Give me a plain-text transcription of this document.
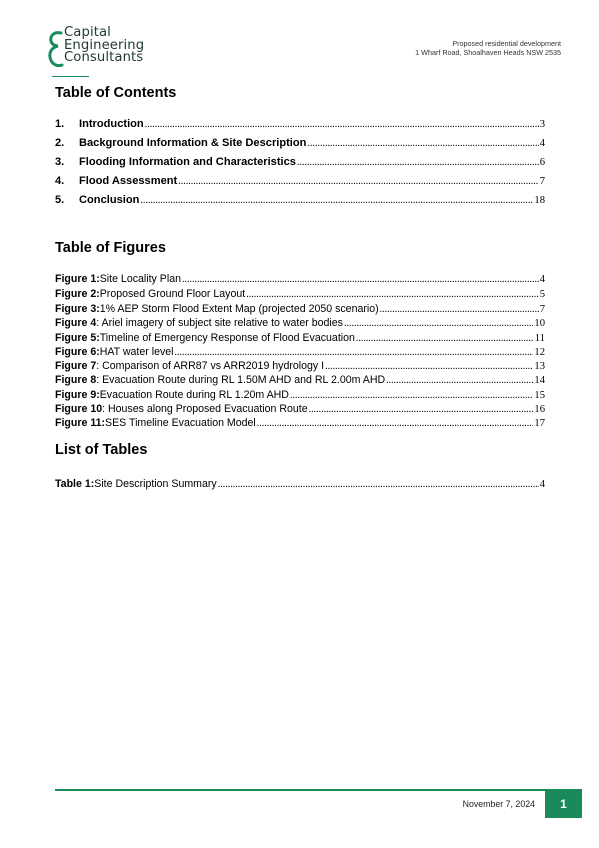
Capital
Engineering
Consultants
Proposed residential development
1 Wharf Road, Shoalhaven Heads NSW 2535
Table of Contents
1.	Introduction .....	3
2.	Background Information & Site Description .....	4
3.	Flooding Information and Characteristics .....	6
4.	Flood Assessment .....	7
5.	Conclusion .....	18
Table of Figures
Figure 1: Site Locality Plan .....	4
Figure 2: Proposed Ground Floor Layout .....	5
Figure 3: 1% AEP Storm Flood Extent Map (projected 2050 scenario) .....	7
Figure 4 : Ariel imagery of subject site relative to water bodies .....	10
Figure 5: Timeline of Emergency Response of Flood Evacuation .....	11
Figure 6: HAT water level .....	12
Figure 7 : Comparison of ARR87 vs ARR2019 hydrology I .....	13
Figure 8 : Evacuation Route during RL 1.50M AHD and RL 2.00m AHD .....	14
Figure 9: Evacuation Route during RL 1.20m AHD .....	15
Figure 10 : Houses along Proposed Evacuation Route .....	16
Figure 11: SES Timeline Evacuation Model .....	17
List of Tables
Table 1: Site Description Summary .....	4
November 7, 2024	1
